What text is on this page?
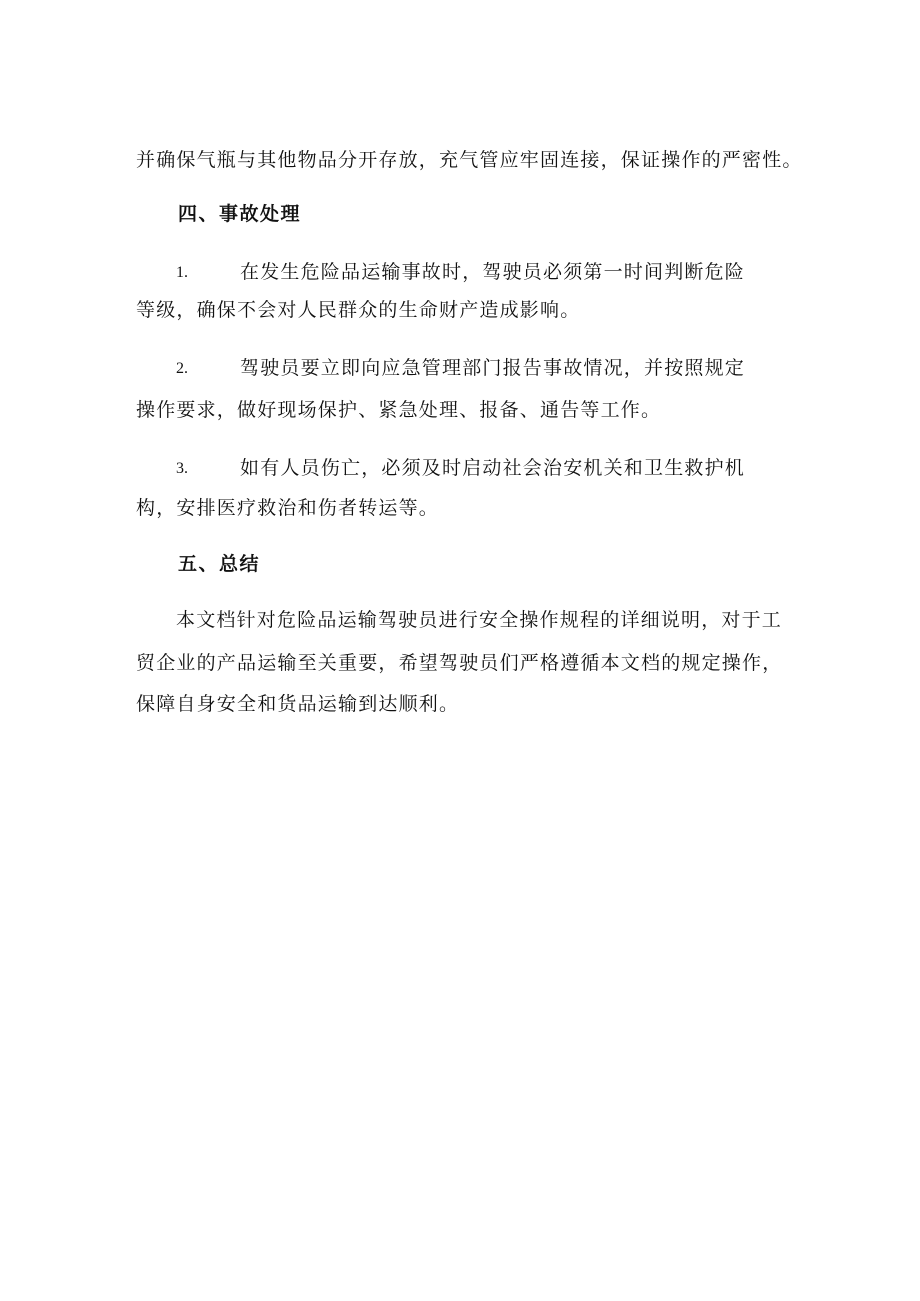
并确保气瓶与其他物品分开存放，充气管应牢固连接，保证操作的严密性。
四、事故处理
1.	在发生危险品运输事故时，驾驶员必须第一时间判断危险
等级，确保不会对人民群众的生命财产造成影响。
2.	驾驶员要立即向应急管理部门报告事故情况，并按照规定
操作要求，做好现场保护、紧急处理、报备、通告等工作。
3.	如有人员伤亡，必须及时启动社会治安机关和卫生救护机
构，安排医疗救治和伤者转运等。
五、总结
本文档针对危险品运输驾驶员进行安全操作规程的详细说明，对于工
贸企业的产品运输至关重要，希望驾驶员们严格遵循本文档的规定操作，
保障自身安全和货品运输到达顺利。
